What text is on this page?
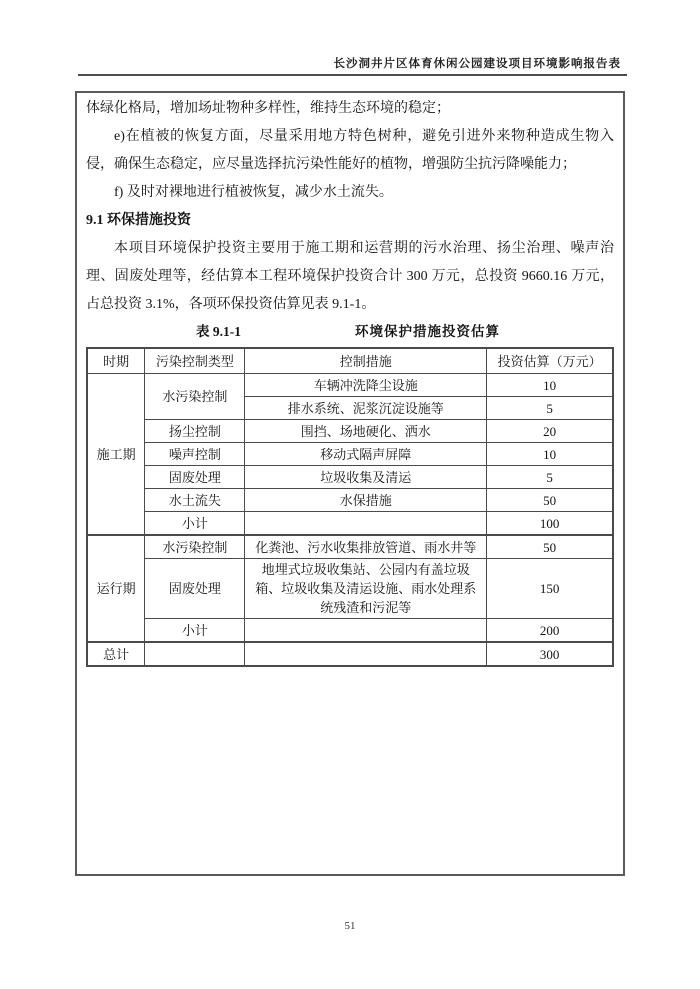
长沙洞井片区体育休闲公园建设项目环境影响报告表

体绿化格局，增加场址物种多样性，维持生态环境的稳定；

e)在植被的恢复方面，尽量采用地方特色树种，避免引进外来物种造成生物入侵，确保生态稳定，应尽量选择抗污染性能好的植物，增强防尘抗污降噪能力；

f) 及时对裸地进行植被恢复，减少水土流失。

9.1 环保措施投资

本项目环境保护投资主要用于施工期和运营期的污水治理、扬尘治理、噪声治理、固废处理等，经估算本工程环境保护投资合计 300 万元，总投资 9660.16 万元，占总投资 3.1%，各项环保投资估算见表 9.1-1。

表 9.1-1	环境保护措施投资估算
时期	污染控制类型	控制措施	投资估算（万元）
施工期	水污染控制	车辆冲洗降尘设施	10
		排水系统、泥浆沉淀设施等	5
	扬尘控制	围挡、场地硬化、洒水	20
	噪声控制	移动式隔声屏障	10
	固废处理	垃圾收集及清运	5
	水土流失	水保措施	50
	小计		100
运行期	水污染控制	化粪池、污水收集排放管道、雨水井等	50
	固废处理	地埋式垃圾收集站、公园内有盖垃圾箱、垃圾收集及清运设施、雨水处理系统残渣和污泥等	150
	小计		200
总计			300
51
